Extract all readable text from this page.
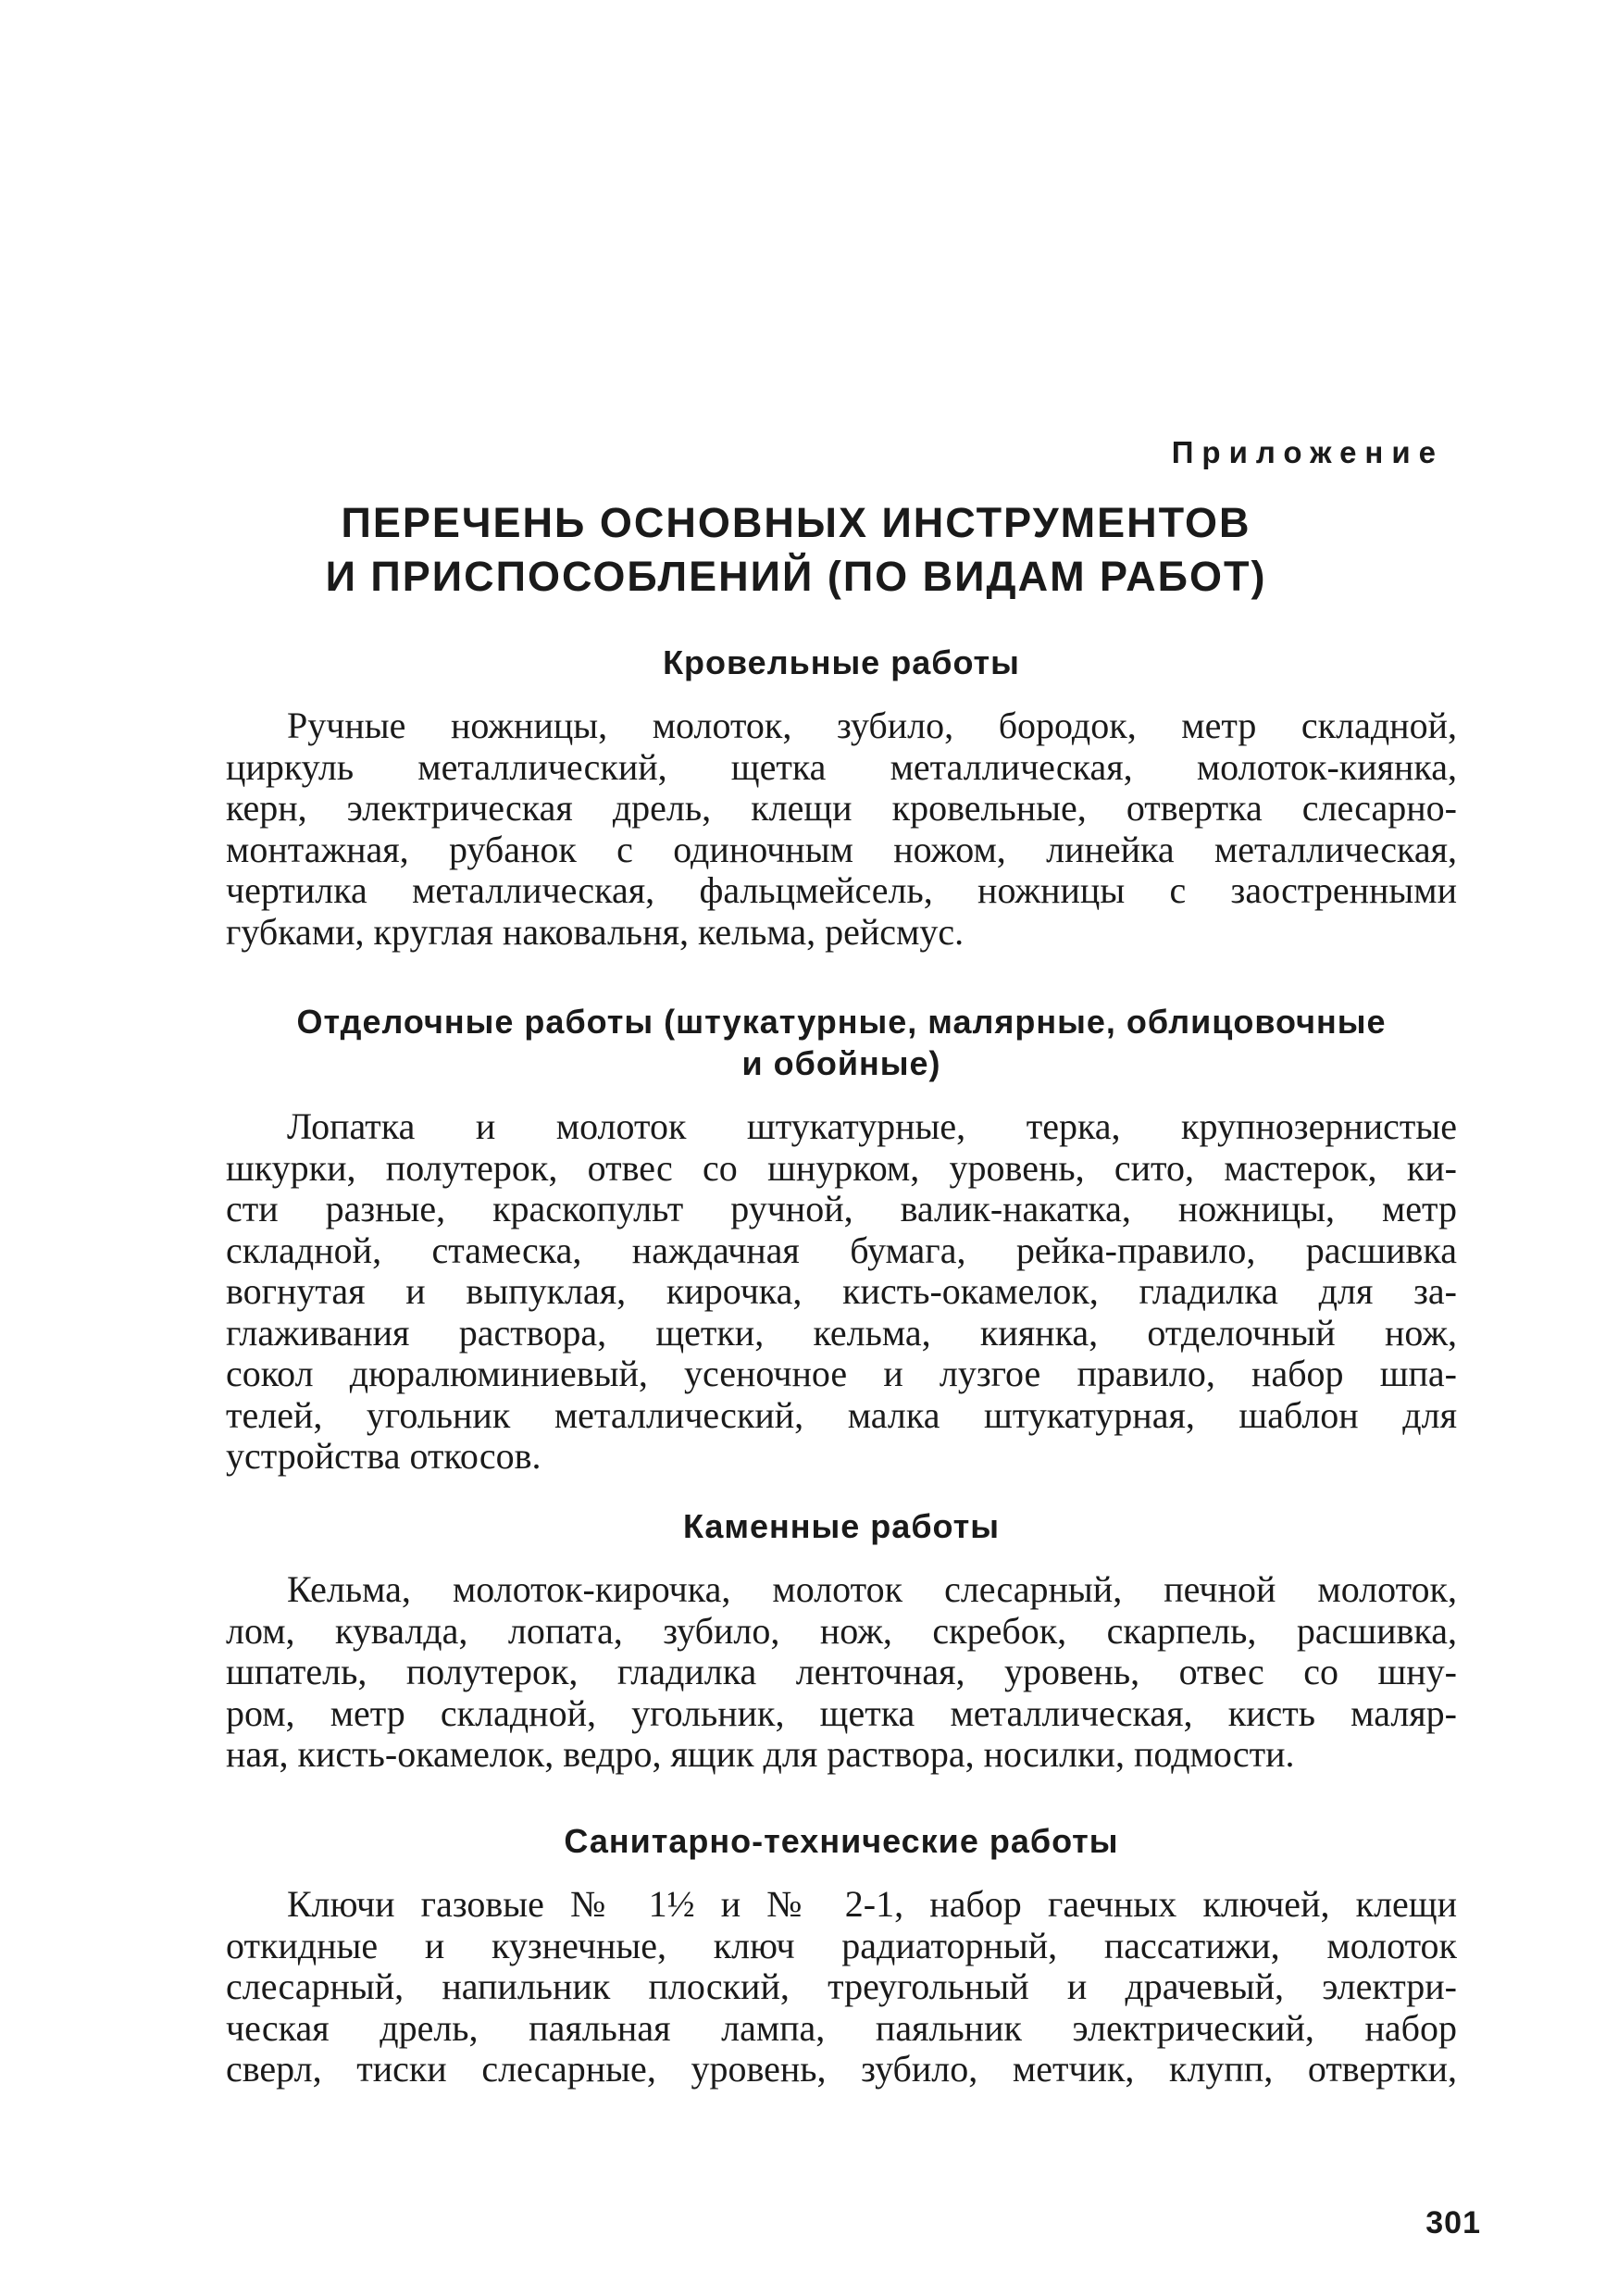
Приложение
ПЕРЕЧЕНЬ ОСНОВНЫХ ИНСТРУМЕНТОВ
И ПРИСПОСОБЛЕНИЙ (ПО ВИДАМ РАБОТ)
Кровельные работы
Ручные ножницы, молоток, зубило, бородок, метр складной,
циркуль металлический, щетка металлическая, молоток-киянка,
керн, электрическая дрель, клещи кровельные, отвертка слесарно-
монтажная, рубанок с одиночным ножом, линейка металлическая,
чертилка металлическая, фальцмейсель, ножницы с заостренными
губками, круглая наковальня, кельма, рейсмус.
Отделочные работы (штукатурные, малярные, облицовочные
и обойные)
Лопатка и молоток штукатурные, терка, крупнозернистые
шкурки, полутерок, отвес со шнурком, уровень, сито, мастерок, ки-
сти разные, краскопульт ручной, валик-накатка, ножницы, метр
складной, стамеска, наждачная бумага, рейка-правило, расшивка
вогнутая и выпуклая, кирочка, кисть-окамелок, гладилка для за-
глаживания раствора, щетки, кельма, киянка, отделочный нож,
сокол дюралюминиевый, усеночное и лузгое правило, набор шпа-
телей, угольник металлический, малка штукатурная, шаблон для
устройства откосов.
Каменные работы
Кельма, молоток-кирочка, молоток слесарный, печной молоток,
лом, кувалда, лопата, зубило, нож, скребок, скарпель, расшивка,
шпатель, полутерок, гладилка ленточная, уровень, отвес со шну-
ром, метр складной, угольник, щетка металлическая, кисть маляр-
ная, кисть-окамелок, ведро, ящик для раствора, носилки, подмости.
Санитарно-технические работы
Ключи газовые № 1½ и № 2-1, набор гаечных ключей, клещи
откидные и кузнечные, ключ радиаторный, пассатижи, молоток
слесарный, напильник плоский, треугольный и драчевый, электри-
ческая дрель, паяльная лампа, паяльник электрический, набор
сверл, тиски слесарные, уровень, зубило, метчик, клупп, отвертки,
301
